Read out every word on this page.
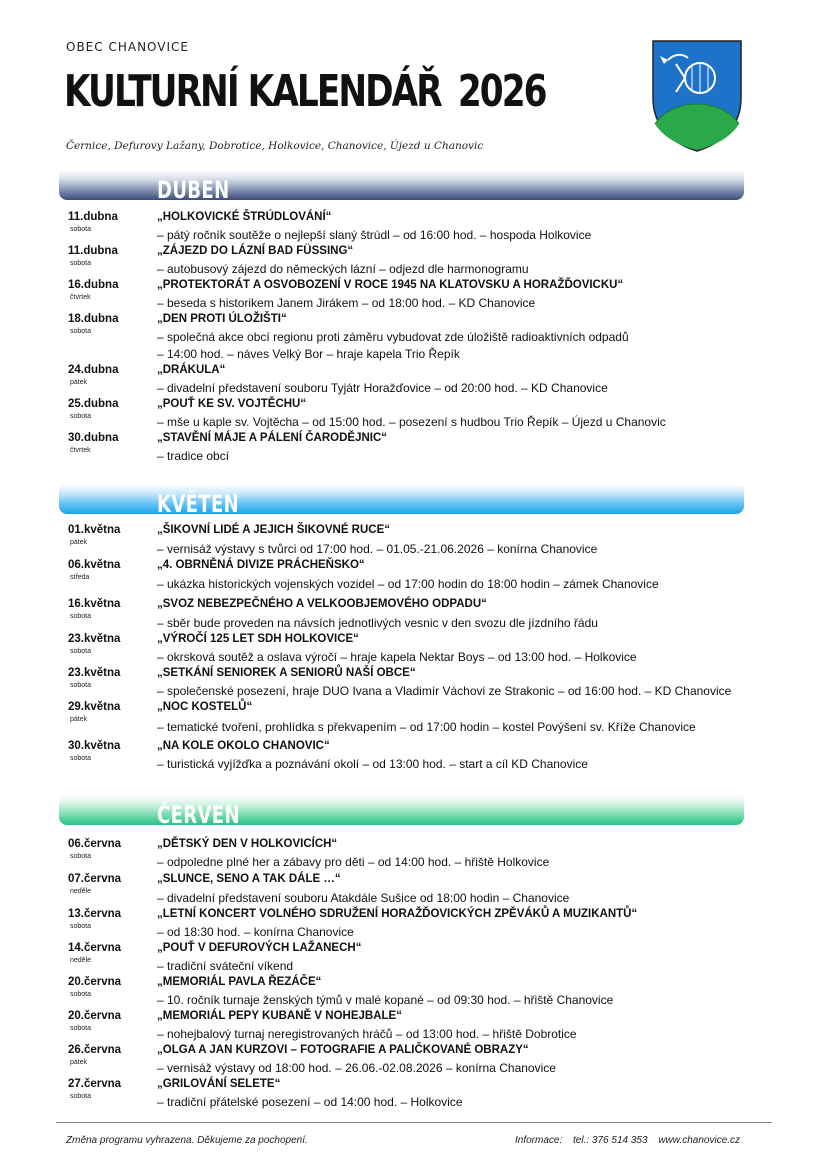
OBEC CHANOVICE
KULTURNÍ KALENDÁŘ 2026
Černice, Defurovy Lažany, Dobrotice, Holkovice, Chanovice, Újezd u Chanovic
DUBEN
KVĚTEN
ČERVEN
11.dubna
sobota
„HOLKOVICKÉ ŠTRÚDLOVÁNÍ“
– pátý ročník soutěže o nejlepší slaný štrúdl – od 16:00 hod. – hospoda Holkovice
11.dubna
sobota
„ZÁJEZD DO LÁZNÍ BAD FÜSSING“
– autobusový zájezd do německých lázní – odjezd dle harmonogramu
16.dubna
čtvrtek
„PROTEKTORÁT A OSVOBOZENÍ V ROCE 1945 NA KLATOVSKU A HORAŽĎOVICKU“
– beseda s historikem Janem Jirákem – od 18:00 hod. – KD Chanovice
18.dubna
sobota
„DEN PROTI ÚLOŽIŠTI“
– společná akce obcí regionu proti záměru vybudovat zde úložiště radioaktivních odpadů
– 14:00 hod. – náves Velký Bor – hraje kapela Trio Řepík
24.dubna
pátek
„DRÁKULA“
– divadelní představení souboru Tyjátr Horažďovice – od 20:00 hod. – KD Chanovice
25.dubna
sobota
„POUŤ KE SV. VOJTĚCHU“
– mše u kaple sv. Vojtěcha – od 15:00 hod. – posezení s hudbou Trio Řepík – Újezd u Chanovic
30.dubna
čtvrtek
„STAVĚNÍ MÁJE A PÁLENÍ ČARODĚJNIC“
– tradice obcí
01.května
pátek
„ŠIKOVNÍ LIDÉ A JEJICH ŠIKOVNÉ RUCE“
– vernisáž výstavy s tvůrci od 17:00 hod. – 01.05.-21.06.2026 – konírna Chanovice
06.května
středa
„4. OBRNĚNÁ DIVIZE PRÁCHEŇSKO“
– ukázka historických vojenských vozidel – od 17:00 hodin do 18:00 hodin – zámek Chanovice
16.května
sobota
„SVOZ NEBEZPEČNÉHO A VELKOOBJEMOVÉHO ODPADU“
– sběr bude proveden na návsích jednotlivých vesnic v den svozu dle jízdního řádu
23.května
sobota
„VÝROČÍ 125 LET SDH HOLKOVICE“
– okrsková soutěž a oslava výročí – hraje kapela Nektar Boys – od 13:00 hod. – Holkovice
23.května
sobota
„SETKÁNÍ SENIOREK A SENIORŮ NAŠÍ OBCE“
– společenské posezení, hraje DUO Ivana a Vladimír Váchovi ze Strakonic – od 16:00 hod. – KD Chanovice
29.května
pátek
„NOC KOSTELŮ“
– tematické tvoření, prohlídka s překvapením – od 17:00 hodin – kostel Povýšení sv. Kříže Chanovice
30.května
sobota
„NA KOLE OKOLO CHANOVIC“
– turistická vyjížďka a poznávání okolí – od 13:00 hod. – start a cíl KD Chanovice
06.června
sobota
„DĚTSKÝ DEN V HOLKOVICÍCH“
– odpoledne plné her a zábavy pro děti – od 14:00 hod. – hřiště Holkovice
07.června
neděle
„SLUNCE, SENO A TAK DÁLE …“
– divadelní představení souboru Atakdále Sušice od 18:00 hodin – Chanovice
13.června
sobota
„LETNÍ KONCERT VOLNÉHO SDRUŽENÍ HORAŽĎOVICKÝCH ZPĚVÁKŮ A MUZIKANTŮ“
– od 18:30 hod. – konírna Chanovice
14.června
neděle
„POUŤ V DEFUROVÝCH LAŽANECH“
– tradiční sváteční víkend
20.června
sobota
„MEMORIÁL PAVLA ŘEZÁČE“
– 10. ročník turnaje ženských týmů v malé kopané – od 09:30 hod. – hřiště Chanovice
20.června
sobota
„MEMORIÁL PEPY KUBANĚ V NOHEJBALE“
– nohejbalový turnaj neregistrovaných hráčů – od 13:00 hod. – hřiště Dobrotice
26.června
pátek
„OLGA A JAN KURZOVI – FOTOGRAFIE A PALIČKOVANÉ OBRAZY“
– vernisáž výstavy od 18:00 hod. – 26.06.-02.08.2026 – konírna Chanovice
27.června
sobota
„GRILOVÁNÍ SELETE“
– tradiční přátelské posezení – od 14:00 hod. – Holkovice
Změna programu vyhrazena. Děkujeme za pochopení.	Informace: tel.: 376 514 353 www.chanovice.cz
